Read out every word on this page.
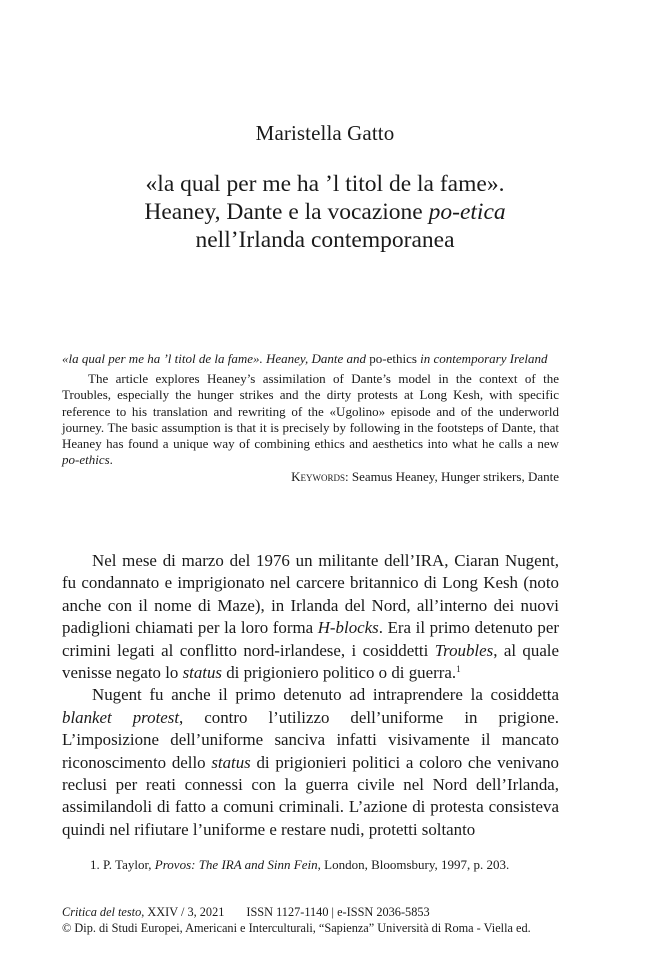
Maristella Gatto
«la qual per me ha ’l titol de la fame».
Heaney, Dante e la vocazione po-etica
nell’Irlanda contemporanea

«la qual per me ha ’l titol de la fame». Heaney, Dante and po-ethics in contemporary Ireland

The article explores Heaney’s assimilation of Dante’s model in the context of the Troubles, especially the hunger strikes and the dirty protests at Long Kesh, with specific reference to his translation and rewriting of the «Ugolino» episode and of the underworld journey. The basic assumption is that it is precisely by following in the footsteps of Dante, that Heaney has found a unique way of combining ethics and aesthetics into what he calls a new po-ethics.

Keywords: Seamus Heaney, Hunger strikers, Dante

Nel mese di marzo del 1976 un militante dell’IRA, Ciaran Nugent, fu condannato e imprigionato nel carcere britannico di Long Kesh (noto anche con il nome di Maze), in Irlanda del Nord, all’interno dei nuovi padiglioni chiamati per la loro forma H-blocks. Era il primo detenuto per crimini legati al conflitto nord-irlandese, i cosiddetti Troubles, al quale venisse negato lo status di prigioniero politico o di guerra.$^1$

Nugent fu anche il primo detenuto ad intraprendere la cosiddetta blanket protest, contro l’utilizzo dell’uniforme in prigione. L’imposizione dell’uniforme sanciva infatti visivamente il mancato riconoscimento dello status di prigionieri politici a coloro che venivano reclusi per reati connessi con la guerra civile nel Nord dell’Irlanda, assimilandoli di fatto a comuni criminali. L’azione di protesta consisteva quindi nel rifiutare l’uniforme e restare nudi, protetti soltanto

1. P. Taylor, Provos: The IRA and Sinn Fein, London, Bloomsbury, 1997, p. 203.
Critica del testo, XXIV / 3, 2021 ISSN 1127-1140 | e-ISSN 2036-5853
© Dip. di Studi Europei, Americani e Interculturali, “Sapienza” Università di Roma - Viella ed.
